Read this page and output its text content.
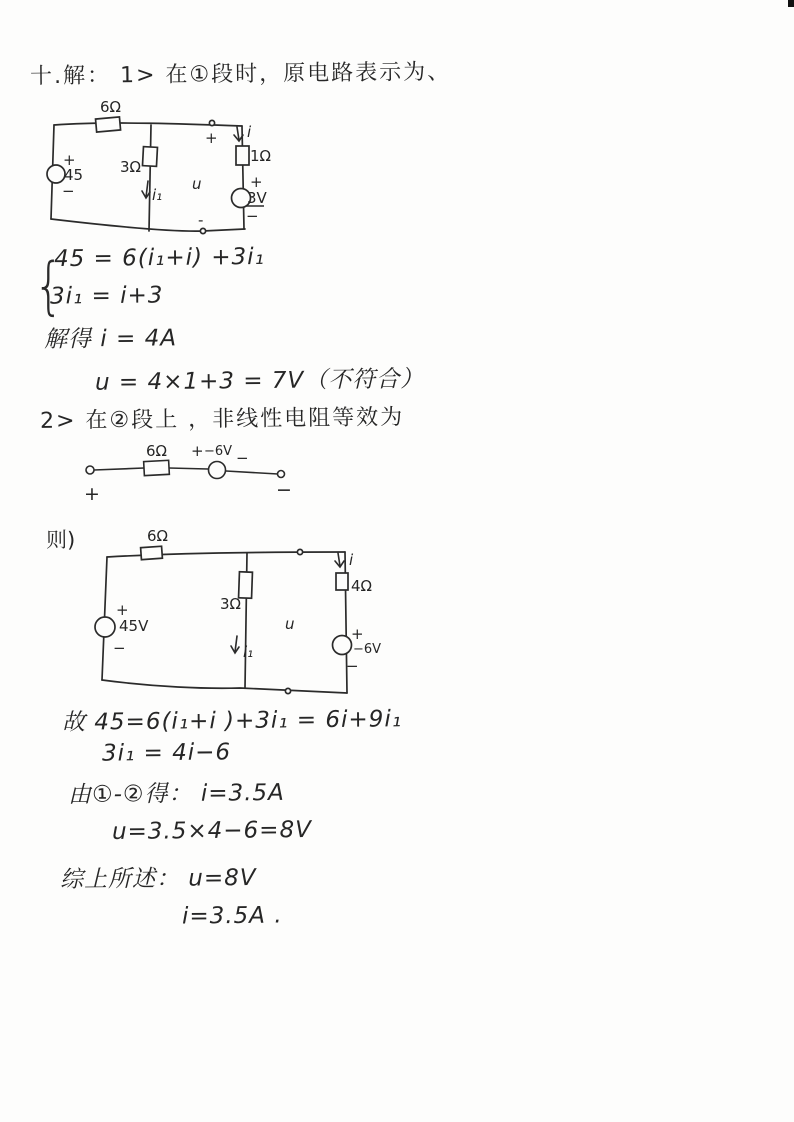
十.解： 1> 在①段时，原电路表示为、
6Ω
+
45
−
3Ω
i₁
+
u
-
i
1Ω
+
3V
−
{
45 = 6(i₁+i) +3i₁
3i₁ = i+3
解得 i = 4A
u = 4×1+3 = 7V（不符合）
2> 在②段上 ，非线性电阻等效为
6Ω + −6V −
+	−
则)	6Ω
+
45V
−
3Ω
i₁
u
i
4Ω
+
−6V
−
故 45=6(i₁+i )+3i₁ = 6i+9i₁
3i₁ = 4i−6
由①-②得： i=3.5A
u=3.5×4−6=8V
综上所述： u=8V
i=3.5A .
